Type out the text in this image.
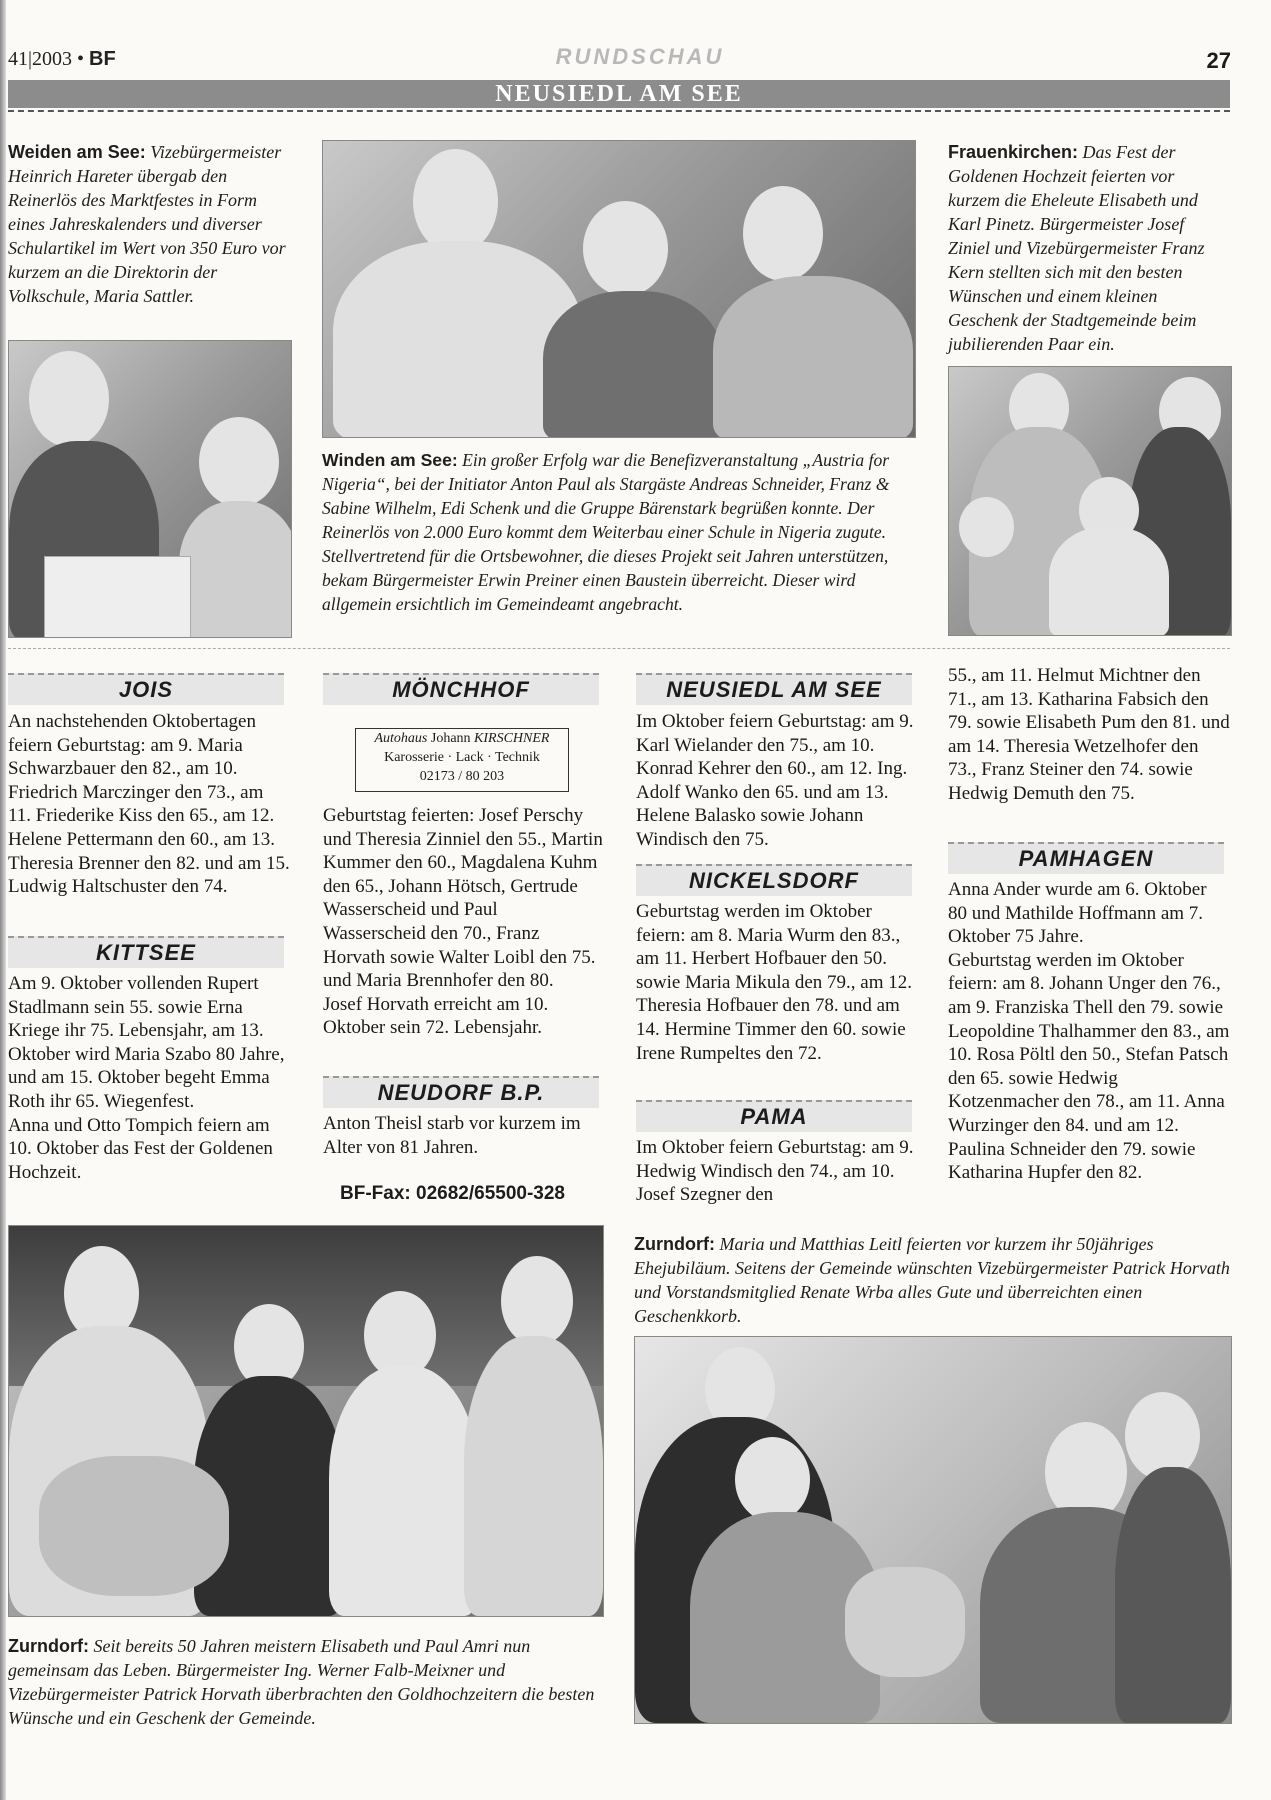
41|2003 • BF	RUNDSCHAU	27
NEUSIEDL AM SEE
Weiden am See: Vizebürgermeister Heinrich Hareter übergab den Reinerlös des Marktfestes in Form eines Jahreskalenders und diverser Schulartikel im Wert von 350 Euro vor kurzem an die Direktorin der Volkschule, Maria Sattler.
Winden am See: Ein großer Erfolg war die Benefizveranstaltung „Austria for Nigeria“, bei der Initiator Anton Paul als Stargäste Andreas Schneider, Franz & Sabine Wilhelm, Edi Schenk und die Gruppe Bärenstark begrüßen konnte. Der Reinerlös von 2.000 Euro kommt dem Weiterbau einer Schule in Nigeria zugute. Stellvertretend für die Ortsbewohner, die dieses Projekt seit Jahren unterstützen, bekam Bürgermeister Erwin Preiner einen Baustein überreicht. Dieser wird allgemein ersichtlich im Gemeindeamt angebracht.
Frauenkirchen: Das Fest der Goldenen Hochzeit feierten vor kurzem die Eheleute Elisabeth und Karl Pinetz. Bürgermeister Josef Ziniel und Vizebürgermeister Franz Kern stellten sich mit den besten Wünschen und einem kleinen Geschenk der Stadtgemeinde beim jubilierenden Paar ein.
JOIS
An nachstehenden Oktobertagen feiern Geburtstag: am 9. Maria Schwarzbauer den 82., am 10. Friedrich Marczinger den 73., am 11. Friederike Kiss den 65., am 12. Helene Pettermann den 60., am 13. Theresia Brenner den 82. und am 15. Ludwig Haltschuster den 74.
KITTSEE
Am 9. Oktober vollenden Rupert Stadlmann sein 55. sowie Erna Kriege ihr 75. Lebensjahr, am 13. Oktober wird Maria Szabo 80 Jahre, und am 15. Oktober begeht Emma Roth ihr 65. Wiegenfest.
Anna und Otto Tompich feiern am 10. Oktober das Fest der Goldenen Hochzeit.
MÖNCHHOF
Autohaus Johann KIRSCHNER
Karosserie · Lack · Technik
02173 / 80 203
Geburtstag feierten: Josef Perschy und Theresia Zinniel den 55., Martin Kummer den 60., Magdalena Kuhm den 65., Johann Hötsch, Gertrude Wasserscheid und Paul Wasserscheid den 70., Franz Horvath sowie Walter Loibl den 75. und Maria Brennhofer den 80.
Josef Horvath erreicht am 10. Oktober sein 72. Lebensjahr.
NEUDORF B.P.
Anton Theisl starb vor kurzem im Alter von 81 Jahren.
BF-Fax: 02682/65500-328
NEUSIEDL AM SEE
Im Oktober feiern Geburtstag: am 9. Karl Wielander den 75., am 10. Konrad Kehrer den 60., am 12. Ing. Adolf Wanko den 65. und am 13. Helene Balasko sowie Johann Windisch den 75.
NICKELSDORF
Geburtstag werden im Oktober feiern: am 8. Maria Wurm den 83., am 11. Herbert Hofbauer den 50. sowie Maria Mikula den 79., am 12. Theresia Hofbauer den 78. und am 14. Hermine Timmer den 60. sowie Irene Rumpeltes den 72.
PAMA
Im Oktober feiern Geburtstag: am 9. Hedwig Windisch den 74., am 10. Josef Szegner den
55., am 11. Helmut Michtner den 71., am 13. Katharina Fabsich den 79. sowie Elisabeth Pum den 81. und am 14. Theresia Wetzelhofer den 73., Franz Steiner den 74. sowie Hedwig Demuth den 75.
PAMHAGEN
Anna Ander wurde am 6. Oktober 80 und Mathilde Hoffmann am 7. Oktober 75 Jahre.
Geburtstag werden im Oktober feiern: am 8. Johann Unger den 76., am 9. Franziska Thell den 79. sowie Leopoldine Thalhammer den 83., am 10. Rosa Pöltl den 50., Stefan Patsch den 65. sowie Hedwig Kotzenmacher den 78., am 11. Anna Wurzinger den 84. und am 12. Paulina Schneider den 79. sowie Katharina Hupfer den 82.
Zurndorf: Seit bereits 50 Jahren meistern Elisabeth und Paul Amri nun gemeinsam das Leben. Bürgermeister Ing. Werner Falb-Meixner und Vizebürgermeister Patrick Horvath überbrachten den Goldhochzeitern die besten Wünsche und ein Geschenk der Gemeinde.
Zurndorf: Maria und Matthias Leitl feierten vor kurzem ihr 50jähriges Ehejubiläum. Seitens der Gemeinde wünschten Vizebürgermeister Patrick Horvath und Vorstandsmitglied Renate Wrba alles Gute und überreichten einen Geschenkkorb.
